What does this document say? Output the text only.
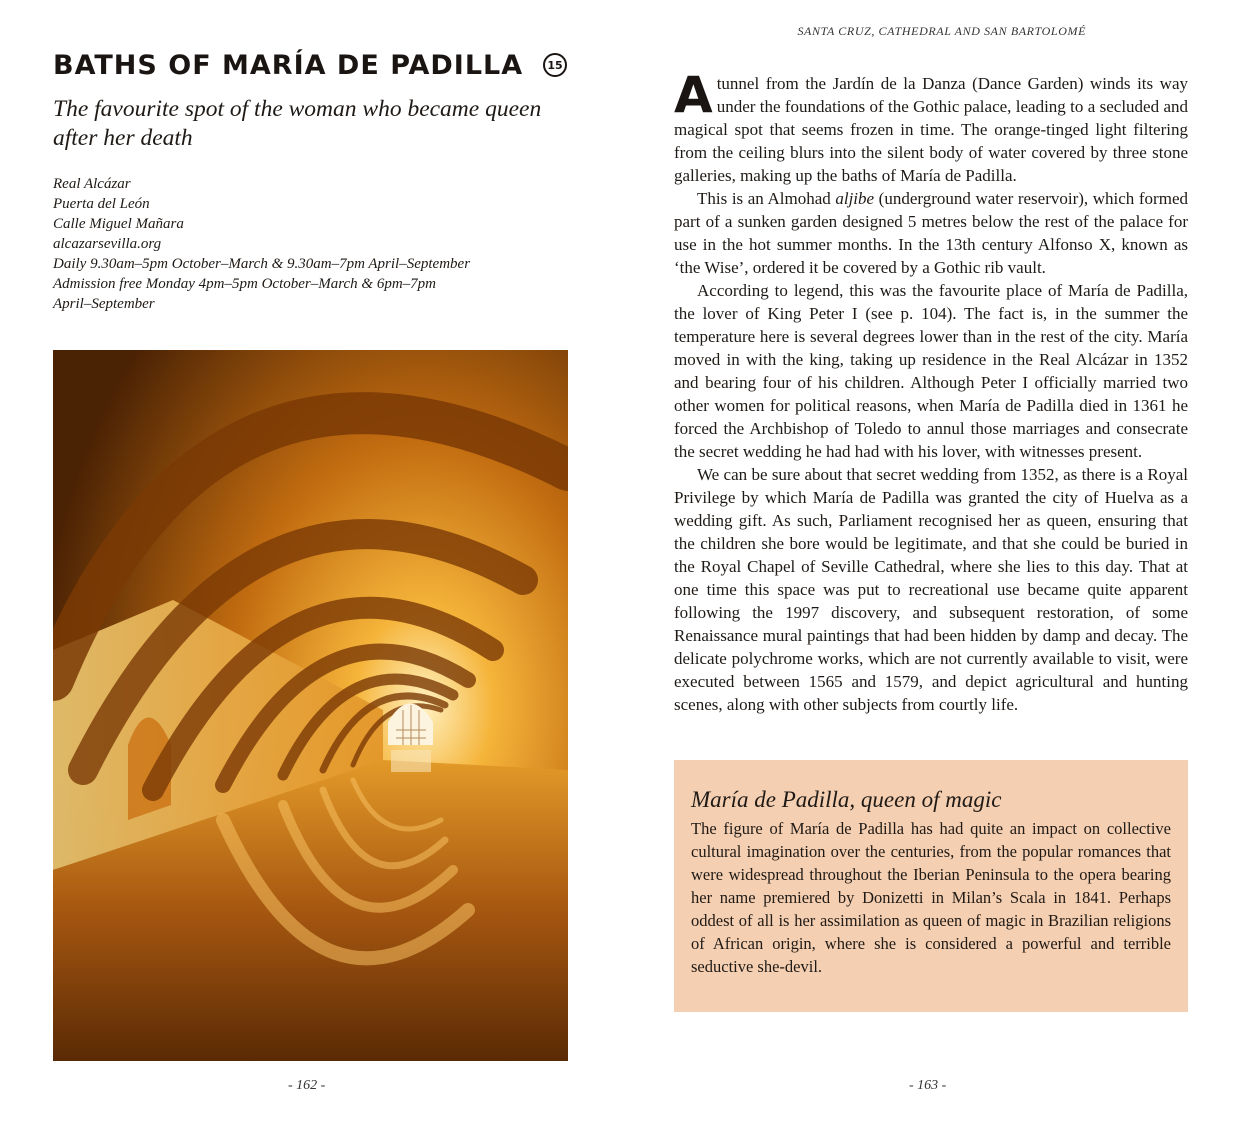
BATHS OF MARÍA DE PADILLA	15
The favourite spot of the woman who became queen after her death
Real Alcázar
Puerta del León
Calle Miguel Mañara
alcazarsevilla.org
Daily 9.30am–5pm October–March & 9.30am–7pm April–September
Admission free Monday 4pm–5pm October–March & 6pm–7pm
April–September
- 162 -
SANTA CRUZ, CATHEDRAL AND SAN BARTOLOMÉ

A tunnel from the Jardín de la Danza (Dance Garden) winds its way under the foundations of the Gothic palace, leading to a secluded and magical spot that seems frozen in time. The orange-tinged light filtering from the ceiling blurs into the silent body of water covered by three stone galleries, making up the baths of María de Padilla.

This is an Almohad aljibe (underground water reservoir), which formed part of a sunken garden designed 5 metres below the rest of the palace for use in the hot summer months. In the 13th century Alfonso X, known as ‘the Wise’, ordered it be covered by a Gothic rib vault.

According to legend, this was the favourite place of María de Padilla, the lover of King Peter I (see p. 104). The fact is, in the summer the temperature here is several degrees lower than in the rest of the city. María moved in with the king, taking up residence in the Real Alcázar in 1352 and bearing four of his children. Although Peter I officially married two other women for political reasons, when María de Padilla died in 1361 he forced the Archbishop of Toledo to annul those marriages and consecrate the secret wedding he had had with his lover, with witnesses present.

We can be sure about that secret wedding from 1352, as there is a Royal Privilege by which María de Padilla was granted the city of Huelva as a wedding gift. As such, Parliament recognised her as queen, ensuring that the children she bore would be legitimate, and that she could be buried in the Royal Chapel of Seville Cathedral, where she lies to this day. That at one time this space was put to recreational use became quite apparent following the 1997 discovery, and subsequent restoration, of some Renaissance mural paintings that had been hidden by damp and decay. The delicate polychrome works, which are not currently available to visit, were executed between 1565 and 1579, and depict agricultural and hunting scenes, along with other subjects from courtly life.

María de Padilla, queen of magic
The figure of María de Padilla has had quite an impact on collective cultural imagination over the centuries, from the popular romances that were widespread throughout the Iberian Peninsula to the opera bearing her name premiered by Donizetti in Milan’s Scala in 1841. Perhaps oddest of all is her assimilation as queen of magic in Brazilian religions of African origin, where she is considered a powerful and terrible seductive she-devil.
- 163 -
